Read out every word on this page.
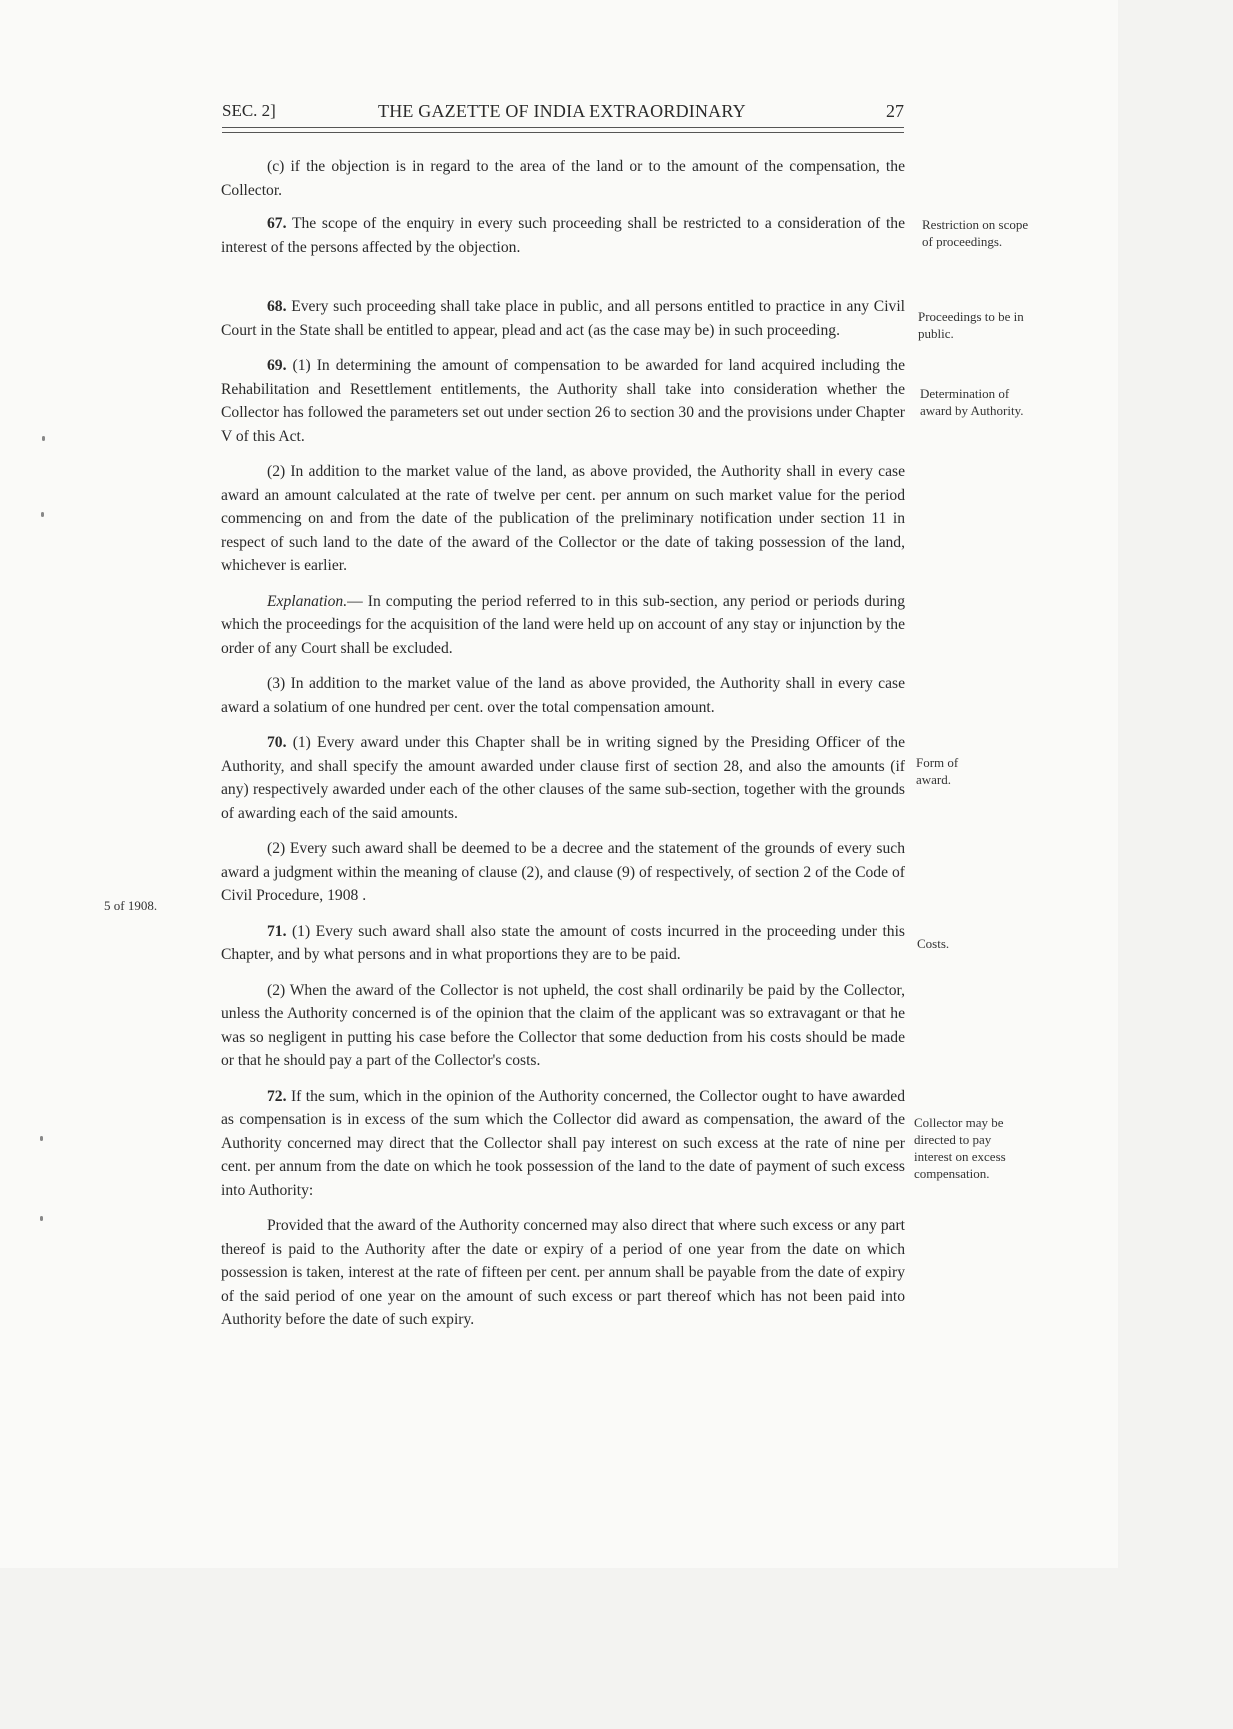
SEC. 2]	THE GAZETTE OF INDIA EXTRAORDINARY	27

(c) if the objection is in regard to the area of the land or to the amount of the compensation, the Collector.

67. The scope of the enquiry in every such proceeding shall be restricted to a consideration of the interest of the persons affected by the objection.

68. Every such proceeding shall take place in public, and all persons entitled to practice in any Civil Court in the State shall be entitled to appear, plead and act (as the case may be) in such proceeding.

69. (1) In determining the amount of compensation to be awarded for land acquired including the Rehabilitation and Resettlement entitlements, the Authority shall take into consideration whether the Collector has followed the parameters set out under section 26 to section 30 and the provisions under Chapter V of this Act.

(2) In addition to the market value of the land, as above provided, the Authority shall in every case award an amount calculated at the rate of twelve per cent. per annum on such market value for the period commencing on and from the date of the publication of the preliminary notification under section 11 in respect of such land to the date of the award of the Collector or the date of taking possession of the land, whichever is earlier.

Explanation.— In computing the period referred to in this sub-section, any period or periods during which the proceedings for the acquisition of the land were held up on account of any stay or injunction by the order of any Court shall be excluded.

(3) In addition to the market value of the land as above provided, the Authority shall in every case award a solatium of one hundred per cent. over the total compensation amount.

70. (1) Every award under this Chapter shall be in writing signed by the Presiding Officer of the Authority, and shall specify the amount awarded under clause first of section 28, and also the amounts (if any) respectively awarded under each of the other clauses of the same sub-section, together with the grounds of awarding each of the said amounts.

(2) Every such award shall be deemed to be a decree and the statement of the grounds of every such award a judgment within the meaning of clause (2), and clause (9) of respectively, of section 2 of the Code of Civil Procedure, 1908 .

71. (1) Every such award shall also state the amount of costs incurred in the proceeding under this Chapter, and by what persons and in what proportions they are to be paid.

(2) When the award of the Collector is not upheld, the cost shall ordinarily be paid by the Collector, unless the Authority concerned is of the opinion that the claim of the applicant was so extravagant or that he was so negligent in putting his case before the Collector that some deduction from his costs should be made or that he should pay a part of the Collector's costs.

72. If the sum, which in the opinion of the Authority concerned, the Collector ought to have awarded as compensation is in excess of the sum which the Collector did award as compensation, the award of the Authority concerned may direct that the Collector shall pay interest on such excess at the rate of nine per cent. per annum from the date on which he took possession of the land to the date of payment of such excess into Authority:

Provided that the award of the Authority concerned may also direct that where such excess or any part thereof is paid to the Authority after the date or expiry of a period of one year from the date on which possession is taken, interest at the rate of fifteen per cent. per annum shall be payable from the date of expiry of the said period of one year on the amount of such excess or part thereof which has not been paid into Authority before the date of such expiry.

Restriction on scope of proceedings.
Proceedings to be in public.
Determination of award by Authority.
Form of award.
Costs.
Collector may be directed to pay interest on excess compensation.
5 of 1908.
